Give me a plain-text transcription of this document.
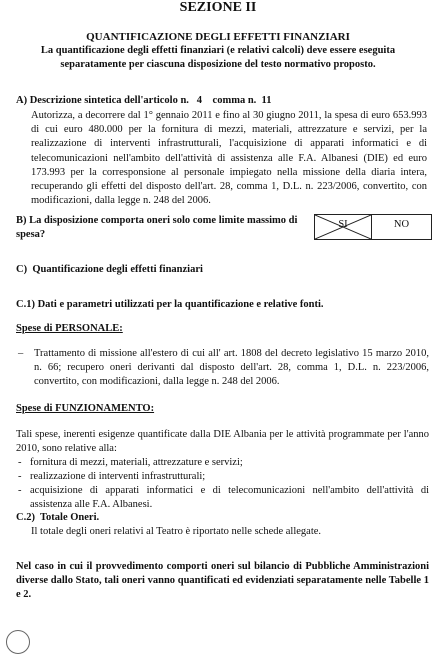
SEZIONE II
QUANTIFICAZIONE DEGLI EFFETTI FINANZIARI
La quantificazione degli effetti finanziari (e relativi calcoli) deve essere eseguita
separatamente per ciascuna disposizione del testo normativo proposto.
A) Descrizione sintetica dell'articolo n.   4    comma n.  11

Autorizza, a decorrere dal 1° gennaio 2011 e fino al 30 giugno 2011, la spesa di euro 653.993 di cui euro 480.000 per la fornitura di mezzi, materiali, attrezzature e servizi, per la realizzazione di interventi infrastrutturali, l'acquisizione di apparati informatici e di telecomunicazioni nell'ambito dell'attività di assistenza alle F.A. Albanesi (DIE) ed euro 173.993 per la corresponsione al personale impiegato nella missione della diaria intera, recuperando gli effetti del disposto dell'art. 28, comma 1, D.L. n. 223/2006, convertito, con modificazioni, dalla legge n. 248 del 2006.

B) La disposizione comporta oneri solo come limite massimo di
spesa?
SI	NO
C)  Quantificazione degli effetti finanziari
C.1) Dati e parametri utilizzati per la quantificazione e relative fonti.
Spese di PERSONALE:
– Trattamento di missione all'estero di cui all' art. 1808 del decreto legislativo 15 marzo 2010, n. 66; recupero oneri derivanti dal disposto dell'art. 28, comma 1, D.L. n. 223/2006, convertito, con modificazioni, dalla legge n. 248 del 2006.
Spese di FUNZIONAMENTO:

Tali spese, inerenti esigenze quantificate dalla DIE Albania per le attività programmate per l'anno 2010, sono relative alla:

- fornitura di mezzi, materiali, attrezzature e servizi;
- realizzazione di interventi infrastrutturali;
- acquisizione di apparati informatici e di telecomunicazioni nell'ambito dell'attività di assistenza alle F.A. Albanesi.
C.2)  Totale Oneri.

Il totale degli oneri relativi al Teatro è riportato nelle schede allegate.

Nel caso in cui il provvedimento comporti oneri sul bilancio di Pubbliche Amministrazioni diverse dallo Stato, tali oneri vanno quantificati ed evidenziati separatamente nelle Tabelle 1 e 2.
